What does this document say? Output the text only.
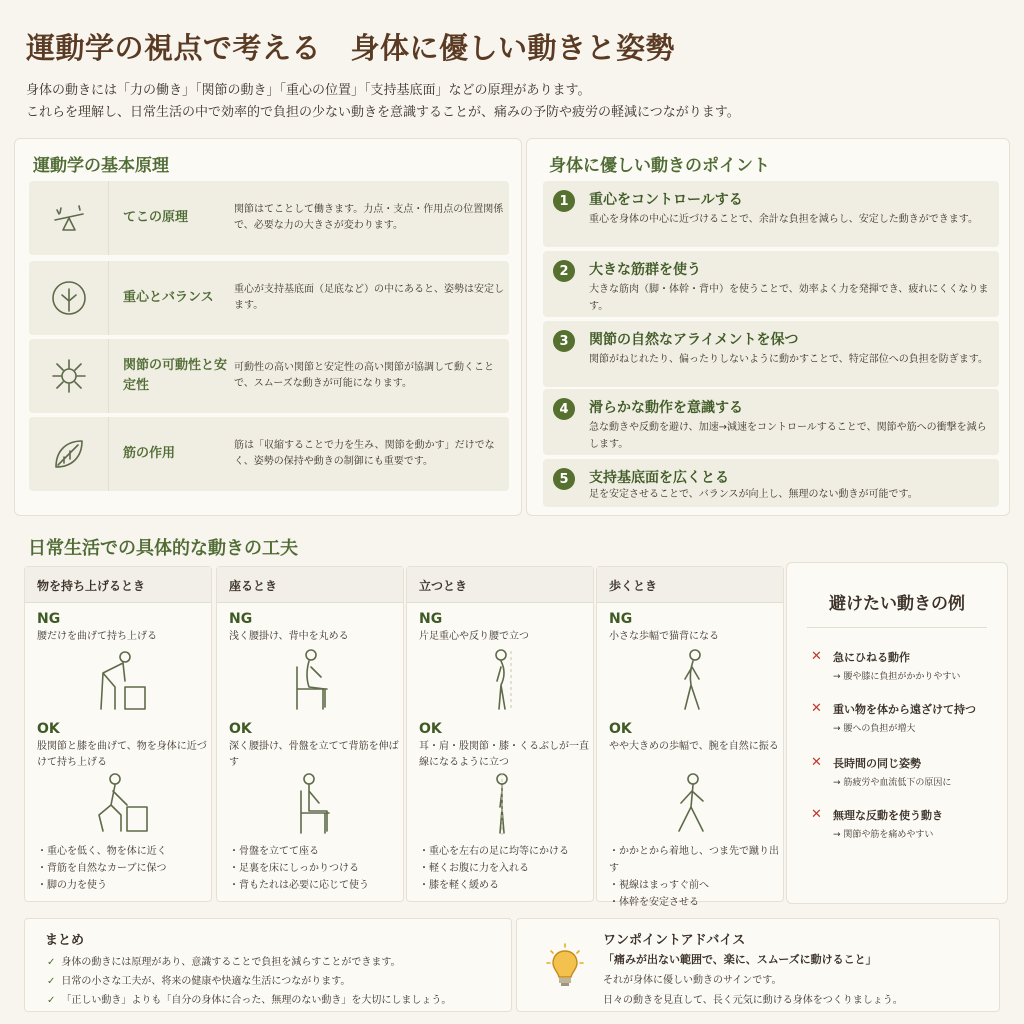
運動学の視点で考える　身体に優しい動きと姿勢
身体の動きには「力の働き」「関節の動き」「重心の位置」「支持基底面」などの原理があります。
これらを理解し、日常生活の中で効率的で負担の少ない動きを意識することが、痛みの予防や疲労の軽減につながります。
運動学の基本原理
てこの原理
関節はてことして働きます。力点・支点・作用点の位置関係で、必要な力の大きさが変わります。
重心とバランス
重心が支持基底面（足底など）の中にあると、姿勢は安定します。
関節の可動性と安定性
可動性の高い関節と安定性の高い関節が協調して動くことで、スムーズな動きが可能になります。
筋の作用
筋は「収縮することで力を生み、関節を動かす」だけでなく、姿勢の保持や動きの制御にも重要です。
身体に優しい動きのポイント
1	重心をコントロールする
重心を身体の中心に近づけることで、余計な負担を減らし、安定した動きができます。
2	大きな筋群を使う
大きな筋肉（脚・体幹・背中）を使うことで、効率よく力を発揮でき、疲れにくくなります。
3	関節の自然なアライメントを保つ
関節がねじれたり、偏ったりしないように動かすことで、特定部位への負担を防ぎます。
4	滑らかな動作を意識する
急な動きや反動を避け、加速→減速をコントロールすることで、関節や筋への衝撃を減らします。
5	支持基底面を広くとる
足を安定させることで、バランスが向上し、無理のない動きが可能です。
日常生活での具体的な動きの工夫
物を持ち上げるとき
NG
腰だけを曲げて持ち上げる
OK
股関節と膝を曲げて、物を身体に近づけて持ち上げる
・ 重心を低く、物を体に近く
・ 背筋を自然なカーブに保つ
・ 脚の力を使う
座るとき
NG
浅く腰掛け、背中を丸める
OK
深く腰掛け、骨盤を立てて背筋を伸ばす
・ 骨盤を立てて座る
・ 足裏を床にしっかりつける
・ 背もたれは必要に応じて使う
立つとき
NG
片足重心や反り腰で立つ
OK
耳・肩・股関節・膝・くるぶしが一直線になるように立つ
・ 重心を左右の足に均等にかける
・ 軽くお腹に力を入れる
・ 膝を軽く緩める
歩くとき
NG
小さな歩幅で猫背になる
OK
やや大きめの歩幅で、腕を自然に振る
・ かかとから着地し、つま先で蹴り出す
・ 視線はまっすぐ前へ
・ 体幹を安定させる
避けたい動きの例
✕ 急にひねる動作
→ 腰や膝に負担がかかりやすい
✕ 重い物を体から遠ざけて持つ
→ 腰への負担が増大
✕ 長時間の同じ姿勢
→ 筋疲労や血流低下の原因に
✕ 無理な反動を使う動き
→ 関節や筋を痛めやすい
まとめ
✓ 身体の動きには原理があり、意識することで負担を減らすことができます。
✓ 日常の小さな工夫が、将来の健康や快適な生活につながります。
✓ 「正しい動き」よりも「自分の身体に合った、無理のない動き」を大切にしましょう。
ワンポイントアドバイス
「痛みが出ない範囲で、楽に、スムーズに動けること」
それが身体に優しい動きのサインです。
日々の動きを見直して、長く元気に動ける身体をつくりましょう。
